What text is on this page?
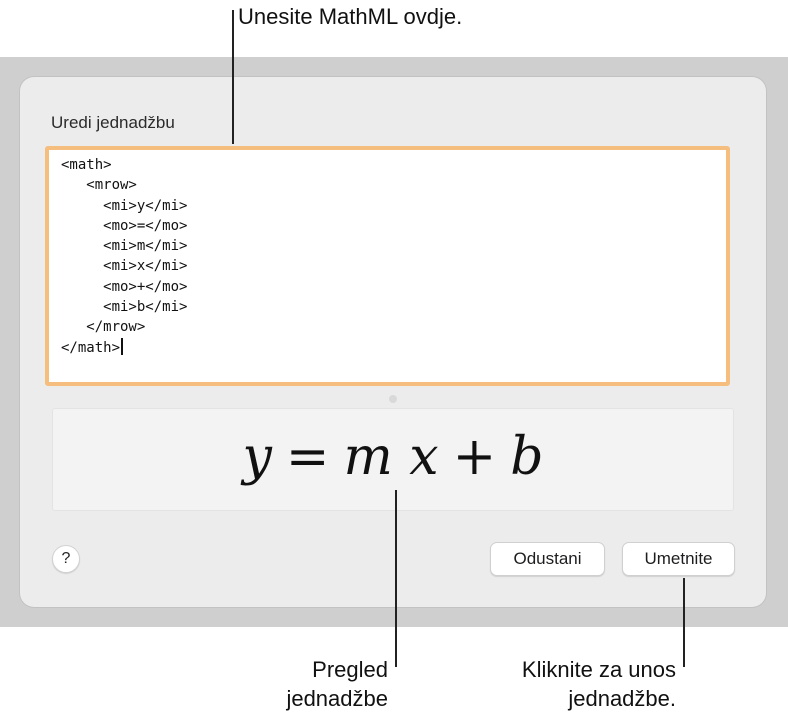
Uredi jednadžbu
<math>
<mrow>
<mi>y</mi>
<mo>=</mo>
<mi>m</mi>
<mi>x</mi>
<mo>+</mo>
<mi>b</mi>
</mrow>
</math>
y = m x + b
?	Odustani	Umetnite
Unesite MathML ovdje.
Pregled
jednadžbe
Kliknite za unos
jednadžbe.
